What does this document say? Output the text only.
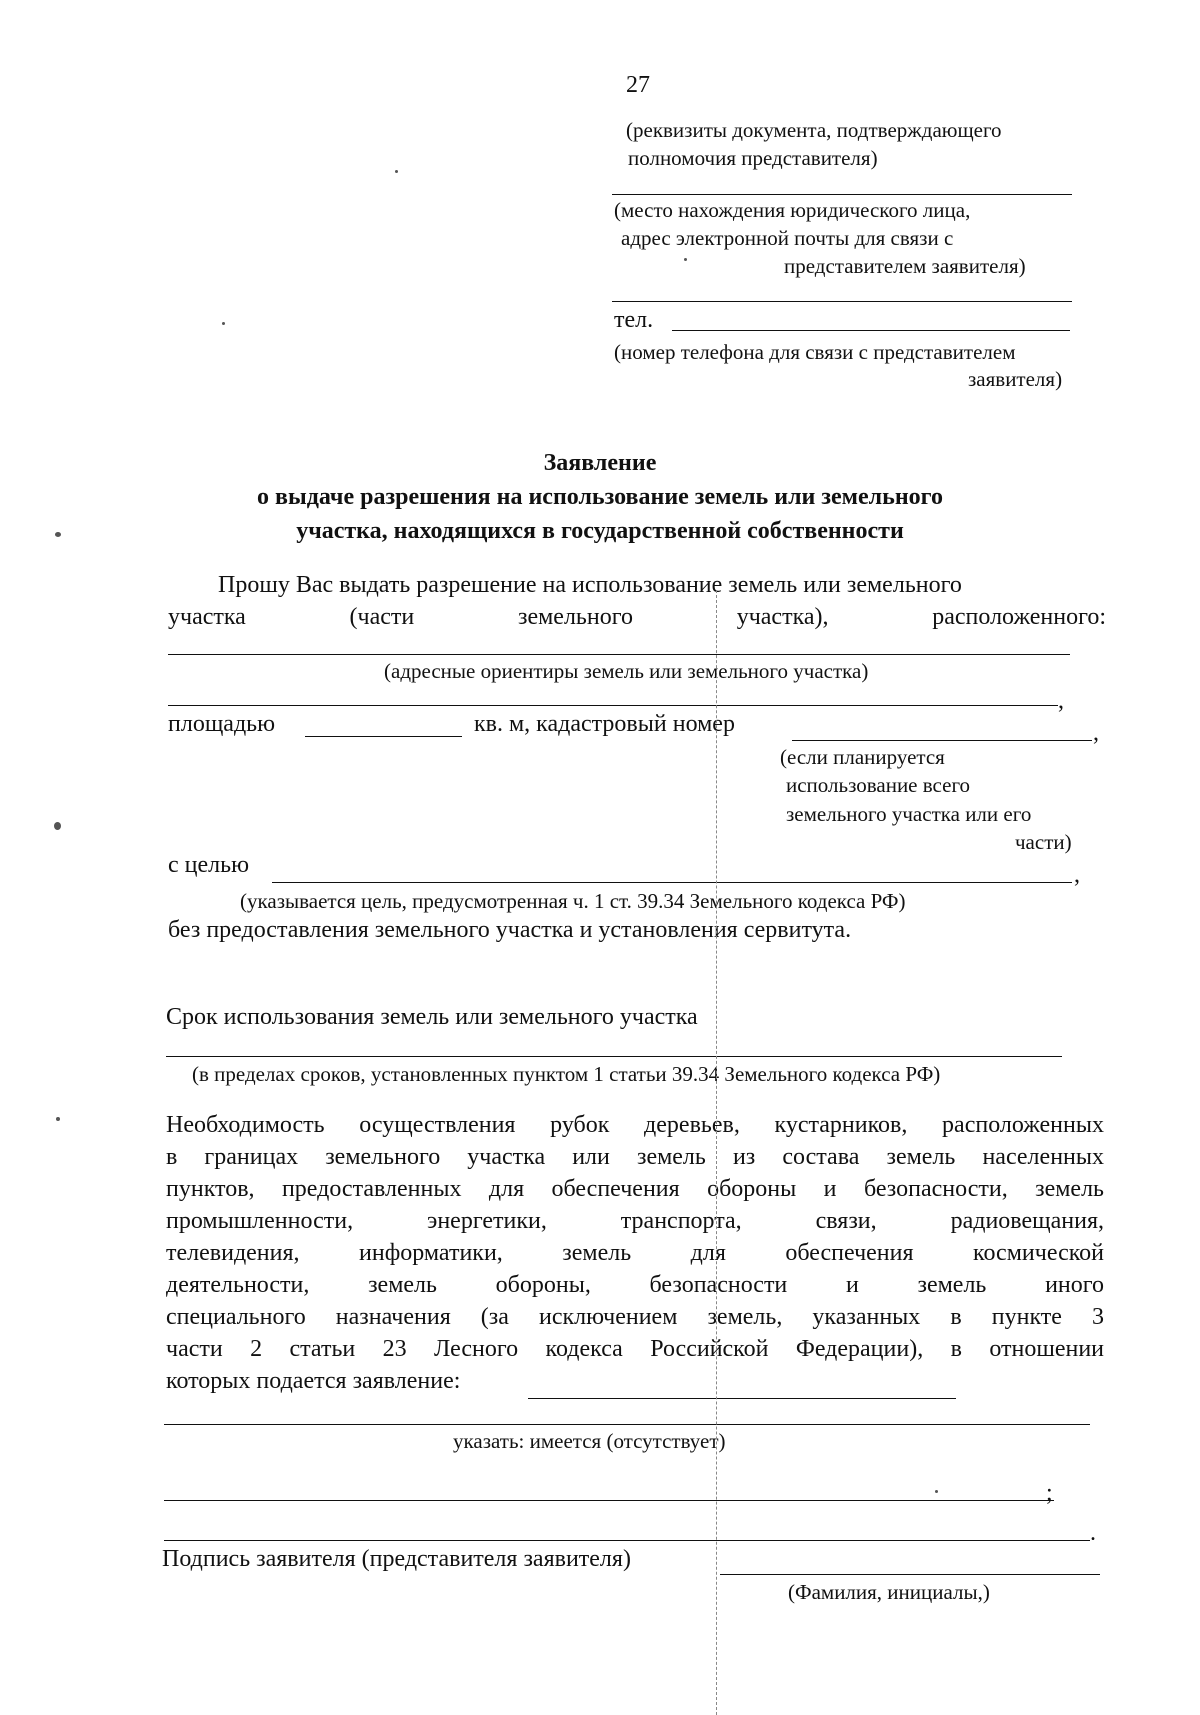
27
(реквизиты документа, подтверждающего
полномочия представителя)
(место нахождения юридического лица,
адрес электронной почты для связи с
представителем заявителя)
тел.
(номер телефона для связи с представителем
заявителя)
Заявление
о выдаче разрешения на использование земель или земельного
участка, находящихся в государственной собственности
Прошу Вас выдать разрешение на использование земель или земельного
участка	(части	земельного	участка),	расположенного:
(адресные ориентиры земель или земельного участка)
,
площадью	кв. м, кадастровый номер	,
(если планируется
использование всего
земельного участка или его
части)
с целью	,
(указывается цель, предусмотренная ч. 1 ст. 39.34 Земельного кодекса РФ)
без предоставления земельного участка и установления сервитута.
Срок использования земель или земельного участка
(в пределах сроков, установленных пунктом 1 статьи 39.34 Земельного кодекса РФ)
Необходимость осуществления рубок деревьев, кустарников, расположенных
в границах земельного участка или земель из состава земель населенных
пунктов, предоставленных для обеспечения обороны и безопасности, земель
промышленности, энергетики, транспорта, связи, радиовещания,
телевидения, информатики, земель для обеспечения космической
деятельности, земель обороны, безопасности и земель иного
специального назначения (за исключением земель, указанных в пункте 3
части 2 статьи 23 Лесного кодекса Российской Федерации), в отношении
которых подается заявление:
указать: имеется (отсутствует)
;
.
Подпись заявителя (представителя заявителя)
(Фамилия, инициалы,)
